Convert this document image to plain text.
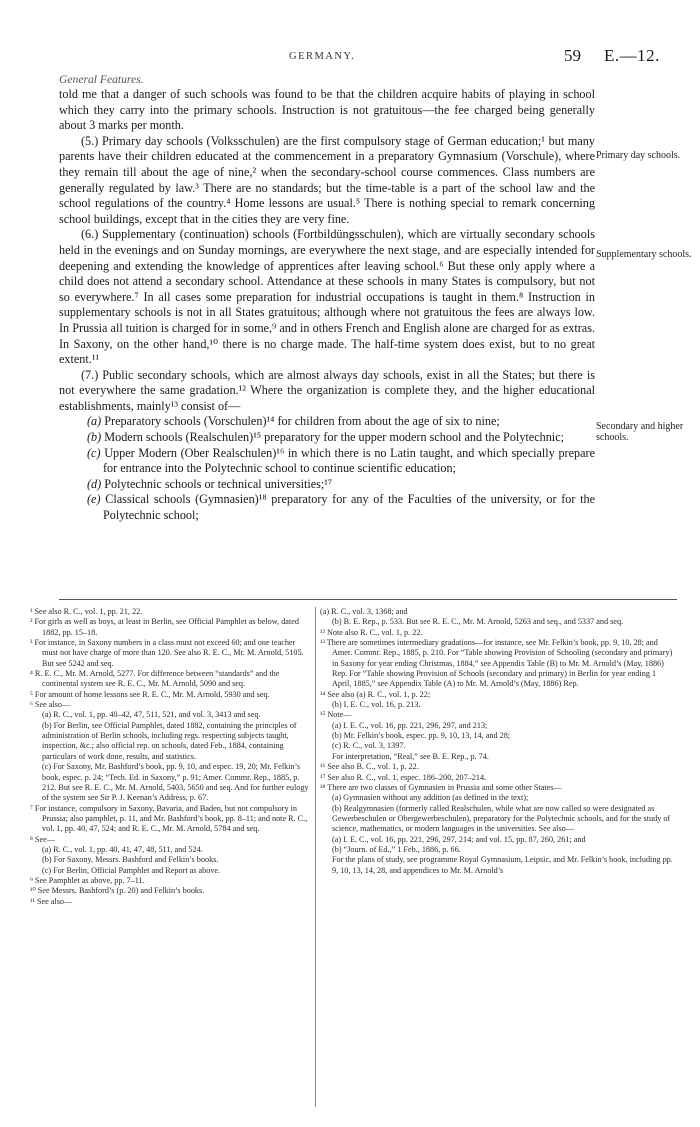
GERMANY.	59 E.—12.

General Features.

told me that a danger of such schools was found to be that the children acquire habits of playing in school which they carry into the primary schools. Instruction is not gratuitous—the fee charged being generally about 3 marks per month.

(5.) Primary day schools (Volksschulen) are the first compulsory stage of German education;¹ but many parents have their children educated at the commencement in a preparatory Gymnasium (Vorschule), where they remain till about the age of nine,² when the secondary-school course commences. Class numbers are generally regulated by law.³ There are no standards; but the time-table is a part of the school law and the school regulations of the country.⁴ Home lessons are usual.⁵ There is nothing special to remark concerning school buildings, except that in the cities they are very fine.

(6.) Supplementary (continuation) schools (Fortbildüngsschulen), which are virtually secondary schools held in the evenings and on Sunday mornings, are everywhere the next stage, and are especially intended for deepening and extending the knowledge of apprentices after leaving school.⁶ But these only apply where a child does not attend a secondary school. Attendance at these schools in many States is compulsory, but not so everywhere.⁷ In all cases some preparation for industrial occupations is taught in them.⁸ Instruction in supplementary schools is not in all States gratuitous; although where not gratuitous the fees are always low. In Prussia all tuition is charged for in some,⁹ and in others French and English alone are charged for as extras. In Saxony, on the other hand,¹⁰ there is no charge made. The half-time system does exist, but to no great extent.¹¹

(7.) Public secondary schools, which are almost always day schools, exist in all the States; but there is not everywhere the same gradation.¹² Where the organization is complete they, and the higher educational establishments, mainly¹³ consist of—

(a) Preparatory schools (Vorschulen)¹⁴ for children from about the age of six to nine;

(b) Modern schools (Realschulen)¹⁵ preparatory for the upper modern school and the Polytechnic;

(c) Upper Modern (Ober Realschulen)¹⁶ in which there is no Latin taught, and which specially prepare for entrance into the Polytechnic school to continue scientific education;

(d) Polytechnic schools or technical universities;¹⁷

(e) Classical schools (Gymnasien)¹⁸ preparatory for any of the Faculties of the university, or for the Polytechnic school;

Primary day schools.
Supplementary schools.
Secondary and higher schools.

¹ See also R. C., vol. 1, pp. 21, 22.

² For girls as well as boys, at least in Berlin, see Official Pamphlet as below, dated 1882, pp. 15–18.

³ For instance, in Saxony numbers in a class must not exceed 60; and one teacher must not have charge of more than 120. See also R. E. C., Mr. M. Arnold, 5105. But see 5242 and seq.

⁴ R. E. C., Mr. M. Arnold, 5277. For difference between “standards” and the continental system see R. E. C., Mr. M. Arnold, 5090 and seq.

⁵ For amount of home lessons see R. E. C., Mr. M. Arnold, 5930 and seq.

⁶ See also—
(a) R. C., vol. 1, pp. 40–42, 47, 511, 521, and vol. 3, 3413 and seq.
(b) For Berlin, see Official Pamphlet, dated 1882, containing the principles of administration of Berlin schools, including regs. respecting subjects taught, inspection, &c.; also official rep. on schools, dated Feb., 1884, containing particulars of work done, results, and statistics.
(c) For Saxony, Mr. Bashford’s book, pp. 9, 10, and espec. 19, 20; Mr. Felkin’s book, espec. p. 24; “Tech. Ed. in Saxony,” p. 91; Amer. Commr. Rep., 1885, p. 212. But see R. E. C., Mr. M. Arnold, 5403, 5650 and seq. And for further eulogy of the system see Sir P. J. Keenan’s Address, p. 67.

⁷ For instance, compulsory in Saxony, Bavaria, and Baden, but not compulsory in Prussia; also pamphlet, p. 11, and Mr. Bashford’s book, pp. 8–11; and note R. C., vol. 1, pp. 40, 47, 524; and R. E. C., Mr. M. Arnold, 5784 and seq.

⁸ See—
(a) R. C., vol. 1, pp. 40, 41, 47, 48, 511, and 524.
(b) For Saxony, Messrs. Bashford and Felkin’s books.
(c) For Berlin, Official Pamphlet and Report as above.

⁹ See Pamphlet as above, pp. 7–11.

¹⁰ See Messrs. Bashford’s (p. 20) and Felkin’s books.

¹¹ See also—

(a) R. C., vol. 3, 1368; and
(b) B. E. Rep., p. 533. But see R. E. C., Mr. M. Arnold, 5263 and seq., and 5337 and seq.

¹² Note also R. C., vol. 1, p. 22.

¹³ There are sometimes intermediary gradations—for instance, see Mr. Felkin’s book, pp. 9, 10, 28; and Amer. Commr. Rep., 1885, p. 210. For “Table showing Provision of Schooling (secondary and primary) in Saxony for year ending Christmas, 1884,” see Appendix Table (B) to Mr. M. Arnold’s (May, 1886) Rep. For “Table showing Provision of Schools (secondary and primary) in Berlin for year ending 1 April, 1885,” see Appendix Table (A) to Mr. M. Arnold’s (May, 1886) Rep.

¹⁴ See also (a) R. C., vol. 1, p. 22;
(b) I. E. C., vol. 16, p. 213.

¹⁵ Note—
(a) I. E. C., vol. 16, pp. 221, 296, 297, and 213;
(b) Mr. Felkin’s book, espec. pp. 9, 10, 13, 14, and 28;
(c) R. C., vol. 3, 1397.
For interpretation, “Real,” see B. E. Rep., p. 74.

¹⁶ See also B. C., vol. 1, p. 22.

¹⁷ See also R. C., vol. 1, espec. 186–200, 207–214.

¹⁸ There are two classes of Gymnasien in Prussia and some other States—
(a) Gymnasien without any addition (as defined in the text);
(b) Realgymnasien (formerly called Realschulen, while what are now called so were designated as Gewerbeschulen or Obergewerbeschulen), preparatory for the Polytechnic schools, and for the study of science, mathematics, or modern languages in the universities. See also—
(a) I. E. C., vol. 16, pp. 221, 296, 297, 214; and vol. 15, pp. 87, 260, 261; and
(b) “Journ. of Ed.,” 1 Feb., 1886, p. 66.
For the plans of study, see programme Royal Gymnasium, Leipsic, and Mr. Felkin’s book, including pp. 9, 10, 13, 14, 28, and appendices to Mr. M. Arnold’s
